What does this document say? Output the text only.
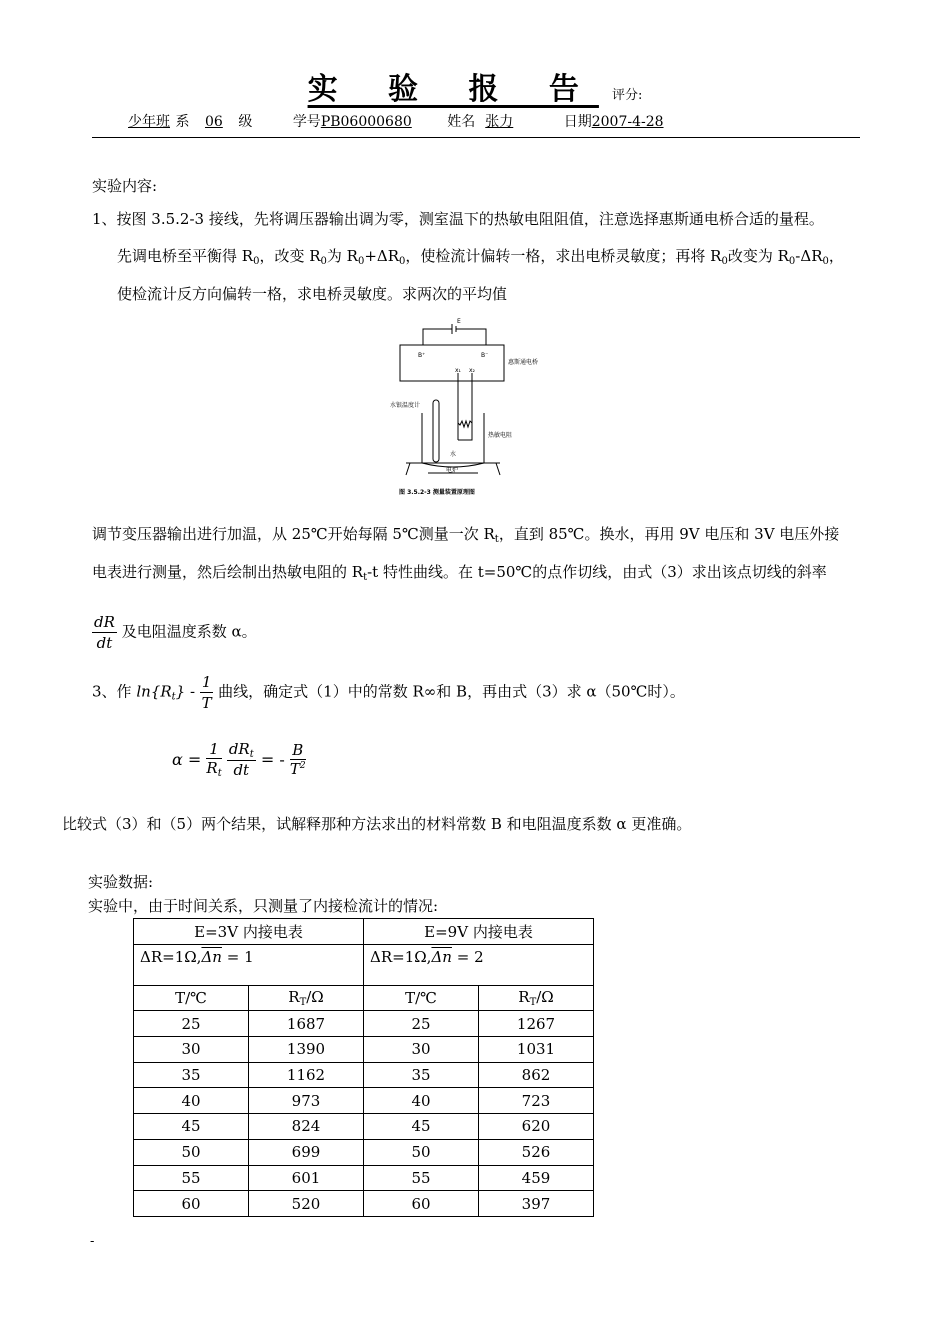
实 验 报 告 评分:
少年班 系 06 级	学号PB06000680	姓名 张力	日期2007-4-28
实验内容:
1、按图 3.5.2-3 接线，先将调压器输出调为零，测室温下的热敏电阻阻值，注意选择惠斯通电桥合适的量程。
先调电桥至平衡得 $R_0$，改变 $R_0$为 $R_0+\Delta R_0$，使检流计偏转一格，求出电桥灵敏度；再将 $R_0$改变为 $R_0-\Delta R_0$，
使检流计反方向偏转一格，求电桥灵敏度。求两次的平均值
E
B⁺	B⁻
惠斯通电桥
x₁ x₂
水银温度计
热敏电阻
水
电炉
图 3.5.2-3 测量装置原理图
调节变压器输出进行加温，从 25℃开始每隔 5℃测量一次 $R_t$，直到 85℃。换水，再用 9V 电压和 3V 电压外接
电表进行测量，然后绘制出热敏电阻的 $R_t-t$ 特性曲线。在 t=50℃的点作切线，由式（3）求出该点切线的斜率
$\frac{dR}{dt}$ 及电阻温度系数 α。
3、作 $\ln\{R_t\} - \frac{1}{T}$ 曲线，确定式（1）中的常数 R∞和 B，再由式（3）求 α（50℃时）。
$\alpha = \frac{1}{R_t}$
$\frac{dR_t}{dt}$ = - $\frac{B}{T^2}$
比较式（3）和（5）两个结果，试解释那种方法求出的材料常数 B 和电阻温度系数 α 更准确。
实验数据:
实验中，由于时间关系，只测量了内接检流计的情况:
E=3V 内接电表		E=9V 内接电表	
$\Delta R=1\Omega,\overline{\Delta n} = 1$		$\Delta R=1\Omega,\overline{\Delta n} = 2$	
T/℃	$R_T/\Omega$	T/℃	$R_T/\Omega$
25	1687	25	1267
30	1390	30	1031
35	1162	35	862
40	973	40	723
45	824	45	620
50	699	50	526
55	601	55	459
60	520	60	397
-
